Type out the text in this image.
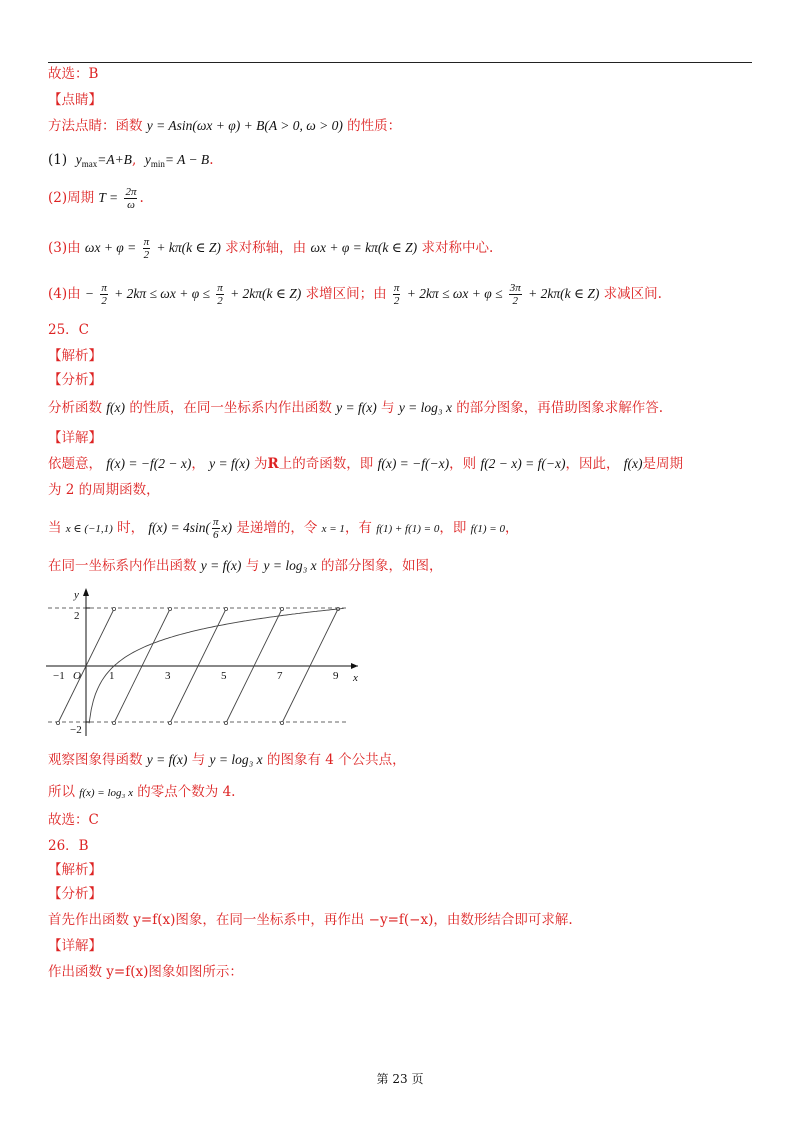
故选：B
【点睛】
方法点睛：函数 y = Asin(ωx + φ) + B(A > 0, ω > 0) 的性质：
(1) $y_{max}=A+B$,  $y_{min}= A - B$.
(2)周期 $T = \frac{2\pi}{\omega}$ .
(3)由 $\omega x + \varphi = \frac{\pi}{2} + k\pi(k$ ∈ Z) 求对称轴，由 ωx + φ = kπ(k ∈ Z) 求对称中心.
(4)由 − $\frac{\pi}{2} + 2k\pi \le \omega x + \varphi \le \frac{\pi}{2} + 2k\pi(k$ ∈ Z) 求增区间；由 $\frac{\pi}{2} + 2k\pi \le \omega x + \varphi \le \frac{3\pi}{2} + 2k\pi(k$ ∈ Z) 求减区间.
25．C
【解析】
【分析】
分析函数 f(x) 的性质，在同一坐标系内作出函数 y = f(x) 与 y = log₃ x 的部分图象，再借助图象求解作答.
【详解】
依题意， f(x) = −f(2 − x)， y = f(x) 为R上的奇函数，即 f(x) = −f(−x)，则 f(2 − x) = f(−x)，因此， f(x)是周期
为 2 的周期函数，
当 x ∈ (−1,1) 时， $f(x) = 4\sin( \frac{\pi}{6} x)$ 是递增的，令 x = 1，有 f(1) + f(1) = 0，即 f(1) = 0，
在同一坐标系内作出函数 y = f(x) 与 y = log₃ x 的部分图象，如图，
y
x
O
2
−2
−1	1	3	5	7	9
观察图象得函数 y = f(x) 与 y = log₃ x 的图象有 4 个公共点，
所以 f(x) = log₃ x 的零点个数为 4.
故选：C
26．B
【解析】
【分析】
首先作出函数 y=f(x)图象，在同一坐标系中，再作出 −y=f(−x)，由数形结合即可求解.
【详解】
作出函数 y=f(x)图象如图所示：
第 23 页
